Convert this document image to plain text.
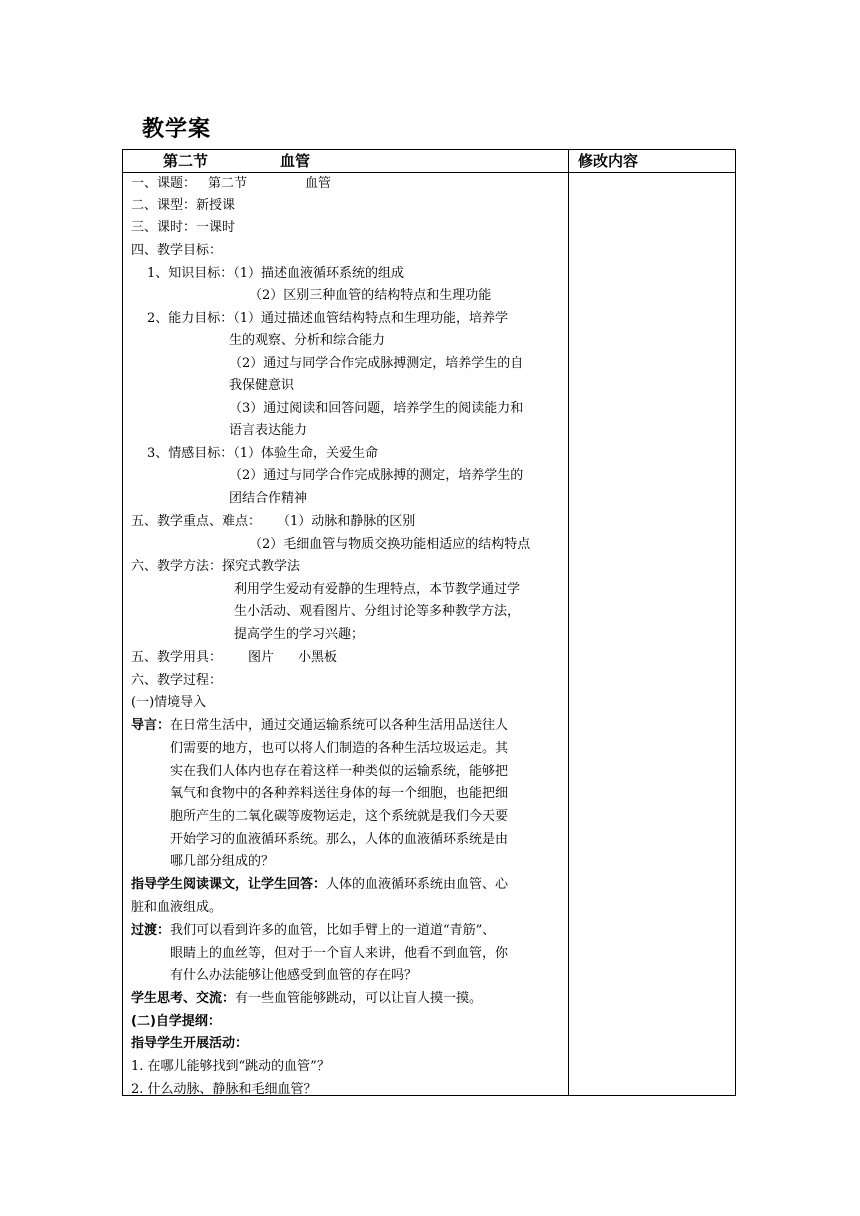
教学案
第二节	血管	修改内容
一、课题： 第二节	血管
二、课型：新授课
三、课时：一课时
四、教学目标：
1、知识目标：（1）描述血液循环系统的组成
（2）区别三种血管的结构特点和生理功能
2、能力目标：（1）通过描述血管结构特点和生理功能，培养学
生的观察、分析和综合能力
（2）通过与同学合作完成脉搏测定，培养学生的自
我保健意识
（3）通过阅读和回答问题，培养学生的阅读能力和
语言表达能力
3、情感目标：（1）体验生命，关爱生命
（2）通过与同学合作完成脉搏的测定，培养学生的
团结合作精神
五、教学重点、难点： （1）动脉和静脉的区别
（2）毛细血管与物质交换功能相适应的结构特点
六、教学方法：探究式教学法
利用学生爱动有爱静的生理特点，本节教学通过学
生小活动、观看图片、分组讨论等多种教学方法，
提高学生的学习兴趣；
五、教学用具： 图片 小黑板
六、教学过程：
(一)情境导入
导言：在日常生活中，通过交通运输系统可以各种生活用品送往人
们需要的地方，也可以将人们制造的各种生活垃圾运走。其
实在我们人体内也存在着这样一种类似的运输系统，能够把
氧气和食物中的各种养料送往身体的每一个细胞，也能把细
胞所产生的二氧化碳等废物运走，这个系统就是我们今天要
开始学习的血液循环系统。那么，人体的血液循环系统是由
哪几部分组成的？
指导学生阅读课文，让学生回答：人体的血液循环系统由血管、心
脏和血液组成。
过渡：我们可以看到许多的血管，比如手臂上的一道道“青筋”、
眼睛上的血丝等，但对于一个盲人来讲，他看不到血管，你
有什么办法能够让他感受到血管的存在吗？
学生思考、交流：有一些血管能够跳动，可以让盲人摸一摸。
(二)自学提纲：
指导学生开展活动：
1. 在哪儿能够找到“跳动的血管”？
2. 什么动脉、静脉和毛细血管？
